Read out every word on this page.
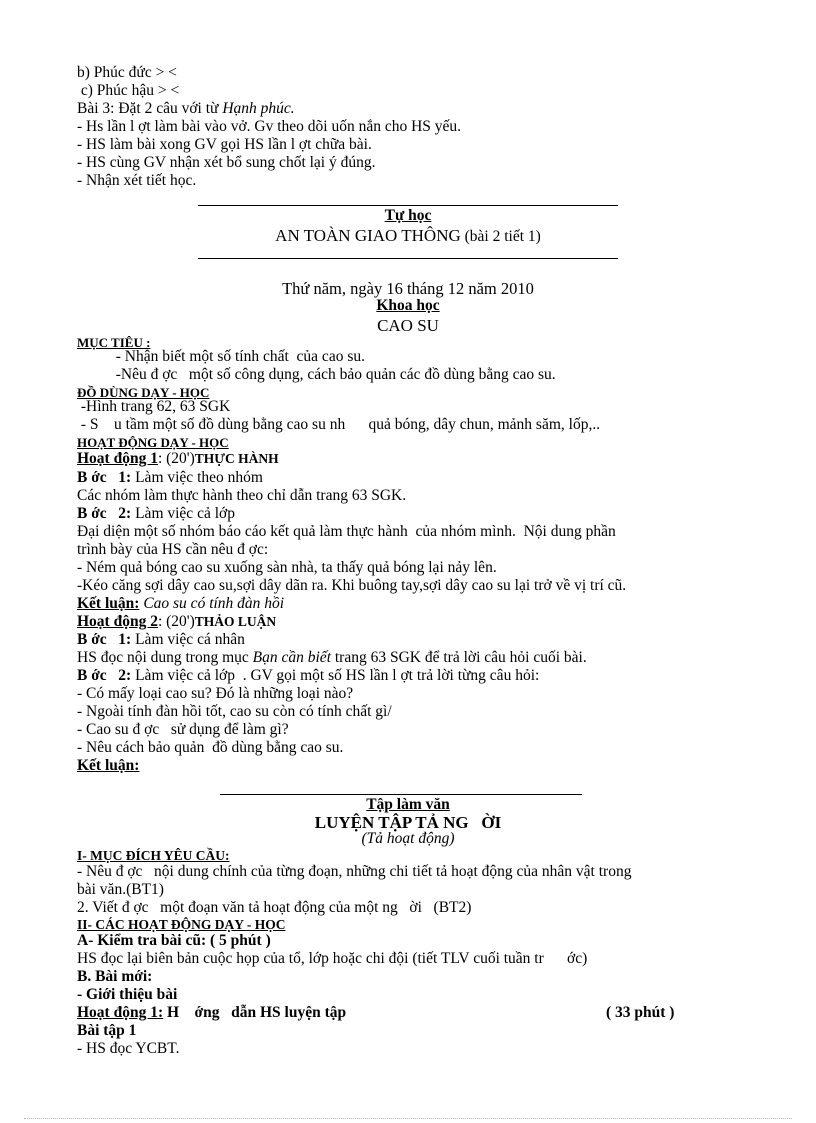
b) Phúc đức > <
c) Phúc hậu > <
Bài 3: Đặt 2 câu với từ Hạnh phúc.
- Hs lần l ợt làm bài vào vở. Gv theo dõi uốn nắn cho HS yếu.
- HS làm bài xong GV gọi HS lần l ợt chữa bài.
- HS cùng GV nhận xét bổ sung chốt lại ý đúng.
- Nhận xét tiết học.
Tự học
AN TOÀN GIAO THÔNG (bài 2 tiết 1)
Thứ năm, ngày 16 tháng 12 năm 2010
Khoa học
CAO SU
MỤC TIÊU :
- Nhận biết một số tính chất  của cao su.
-Nêu đ ợc   một số công dụng, cách bảo quản các đồ dùng bằng cao su.
ĐỒ DÙNG DẠY - HỌC
-Hình trang 62, 63 SGK
- S    u tầm một số đồ dùng bằng cao su nh      quả bóng, dây chun, mảnh săm, lốp,..
HOẠT ĐỘNG DẠY - HỌC
Hoạt động 1: (20')THỰC HÀNH
B ớc   1: Làm việc theo nhóm
Các nhóm làm thực hành theo chỉ dẫn trang 63 SGK.
B ớc   2: Làm việc cả lớp
Đại diện một số nhóm báo cáo kết quả làm thực hành  của nhóm mình.  Nội dung phần
trình bày của HS cần nêu đ ợc:
- Ném quả bóng cao su xuống sàn nhà, ta thấy quả bóng lại nảy lên.
-Kéo căng sợi dây cao su,sợi dây dãn ra. Khi buông tay,sợi dây cao su lại trở về vị trí cũ.
Kết luận: Cao su có tính đàn hồi
Hoạt động 2: (20')THẢO LUẬN
B ớc   1: Làm việc cá nhân
HS đọc nội dung trong mục Bạn cần biết trang 63 SGK để trả lời câu hỏi cuối bài.
B ớc   2: Làm việc cả lớp  . GV gọi một số HS lần l ợt trả lời từng câu hỏi:
- Có mấy loại cao su? Đó là những loại nào?
- Ngoài tính đàn hồi tốt, cao su còn có tính chất gì/
- Cao su đ ợc   sử dụng để làm gì?
- Nêu cách bảo quản  đồ dùng bằng cao su.
Kết luận:
Tập làm văn
LUYỆN TẬP TẢ NG   ỜI
(Tả hoạt động)
I- MỤC ĐÍCH YÊU CẦU:
- Nêu đ ợc   nội dung chính của từng đoạn, những chi tiết tả hoạt động của nhân vật trong
bài văn.(BT1)
2. Viết đ ợc   một đoạn văn tả hoạt động của một ng   ời   (BT2)
II- CÁC HOẠT ĐỘNG DẠY - HỌC
A- Kiểm tra bài cũ: ( 5 phút )
HS đọc lại biên bản cuộc họp của tổ, lớp hoặc chi đội (tiết TLV cuối tuần tr      ớc)
B. Bài mới:
- Giới thiệu bài
Hoạt động 1: H    ớng   dẫn HS luyện tập	( 33 phút )
Bài tập 1
- HS đọc YCBT.
